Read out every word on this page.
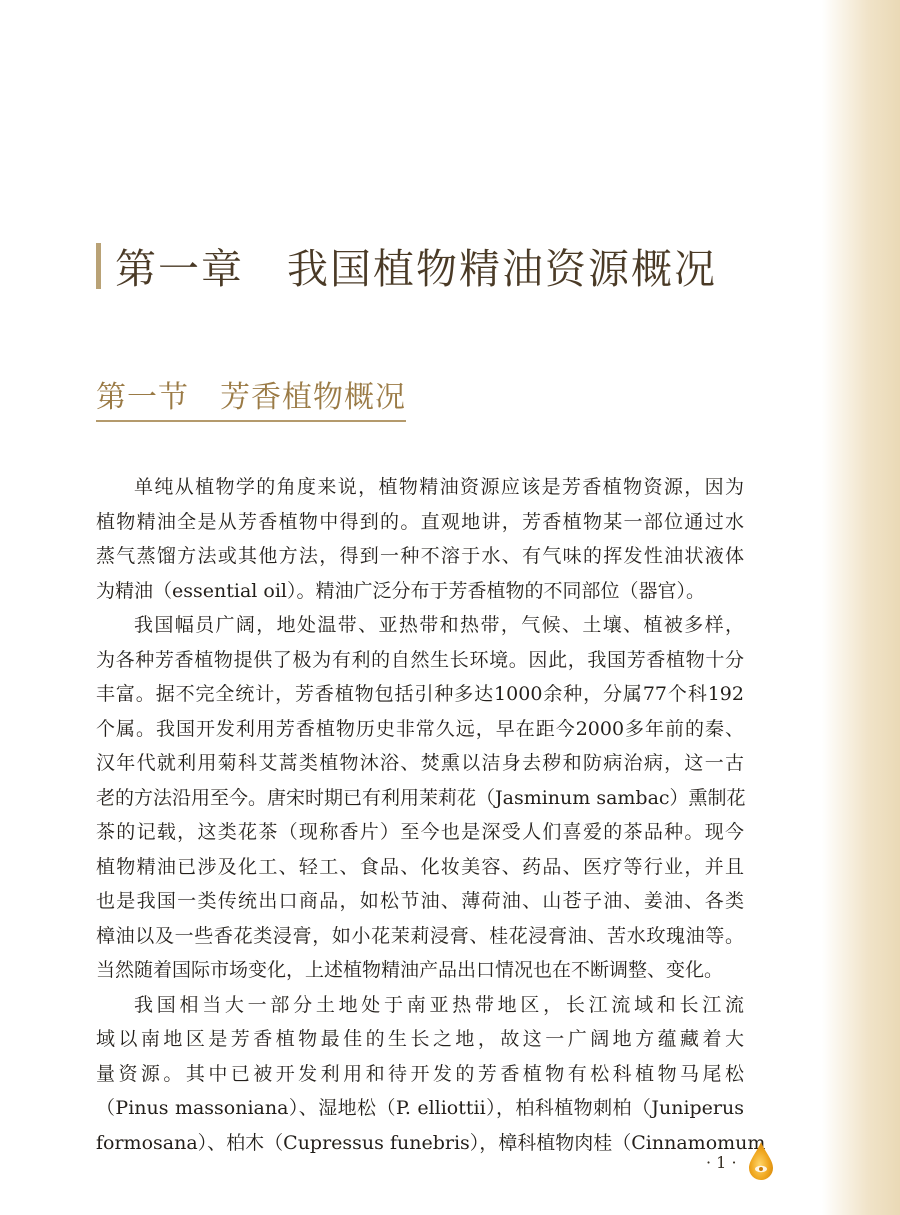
第一章　我国植物精油资源概况
第一节　芳香植物概况
单纯从植物学的角度来说，植物精油资源应该是芳香植物资源，因为
植物精油全是从芳香植物中得到的。直观地讲，芳香植物某一部位通过水
蒸气蒸馏方法或其他方法，得到一种不溶于水、有气味的挥发性油状液体
为精油（essential oil）。精油广泛分布于芳香植物的不同部位（器官）。
我国幅员广阔，地处温带、亚热带和热带，气候、土壤、植被多样，
为各种芳香植物提供了极为有利的自然生长环境。因此，我国芳香植物十分
丰富。据不完全统计，芳香植物包括引种多达1000余种，分属77个科192
个属。我国开发利用芳香植物历史非常久远，早在距今2000多年前的秦、
汉年代就利用菊科艾蒿类植物沐浴、焚熏以洁身去秽和防病治病，这一古
老的方法沿用至今。唐宋时期已有利用茉莉花（Jasminum sambac）熏制花
茶的记载，这类花茶（现称香片）至今也是深受人们喜爱的茶品种。现今
植物精油已涉及化工、轻工、食品、化妆美容、药品、医疗等行业，并且
也是我国一类传统出口商品，如松节油、薄荷油、山苍子油、姜油、各类
樟油以及一些香花类浸膏，如小花茉莉浸膏、桂花浸膏油、苦水玫瑰油等。
当然随着国际市场变化，上述植物精油产品出口情况也在不断调整、变化。
我国相当大一部分土地处于南亚热带地区，长江流域和长江流
域以南地区是芳香植物最佳的生长之地，故这一广阔地方蕴藏着大
量资源。其中已被开发利用和待开发的芳香植物有松科植物马尾松
（Pinus massoniana）、湿地松（P. elliottii），柏科植物刺柏（Juniperus
formosana）、柏木（Cupressus funebris），樟科植物肉桂（Cinnamomum
· 1 ·
